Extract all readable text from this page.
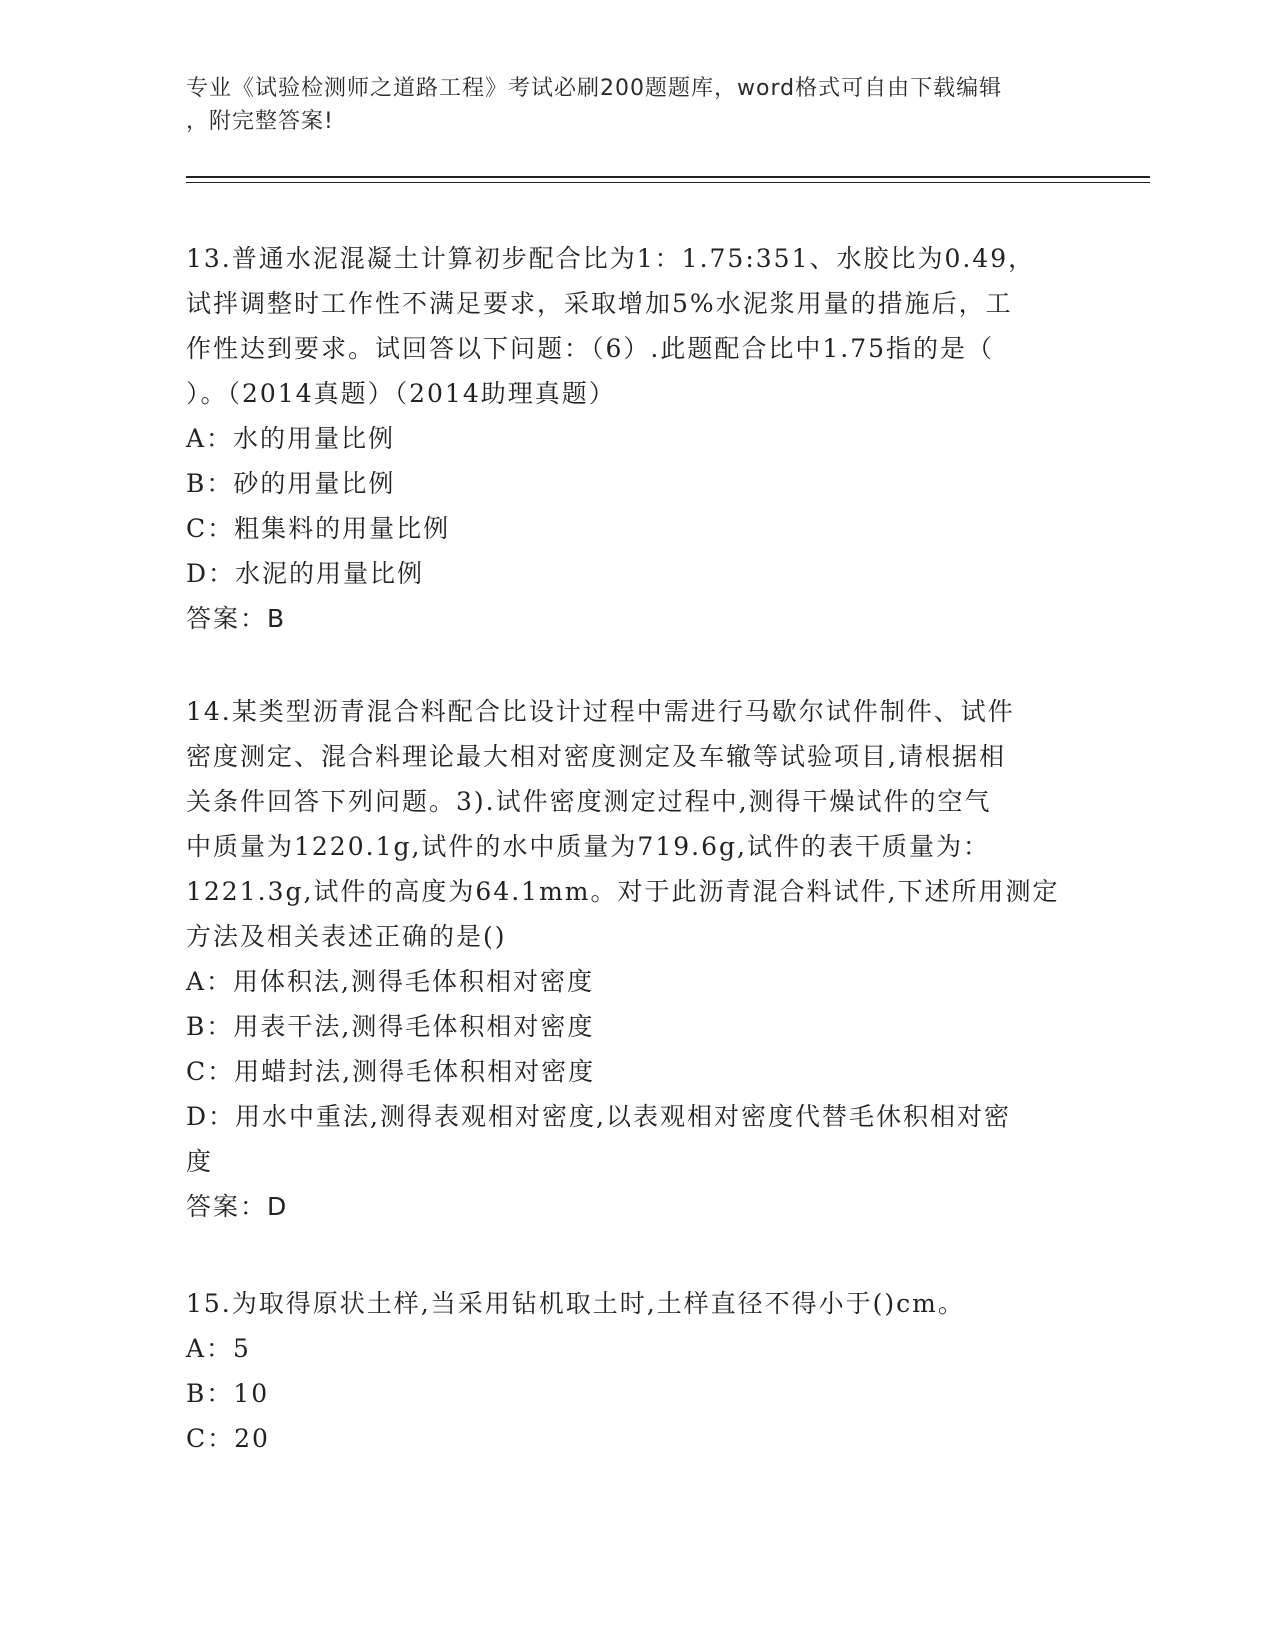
专业《试验检测师之道路工程》考试必刷200题题库，word格式可自由下载编辑
，附完整答案!
13.普通水泥混凝土计算初步配合比为1：1.75:351、水胶比为0.49，
试拌调整时工作性不满足要求，采取增加5%水泥浆用量的措施后，工
作性达到要求。试回答以下问题：（6）.此题配合比中1.75指的是（
）。（2014真题）（2014助理真题）
A：水的用量比例
B：砂的用量比例
C：粗集料的用量比例
D：水泥的用量比例
答案：B
14.某类型沥青混合料配合比设计过程中需进行马歇尔试件制件、试件
密度测定、混合料理论最大相对密度测定及车辙等试验项目,请根据相
关条件回答下列问题。3).试件密度测定过程中,测得干燥试件的空气
中质量为1220.1g,试件的水中质量为719.6g,试件的表干质量为：
1221.3g,试件的高度为64.1mm。对于此沥青混合料试件,下述所用测定
方法及相关表述正确的是()
A：用体积法,测得毛体积相对密度
B：用表干法,测得毛体积相对密度
C：用蜡封法,测得毛体积相对密度
D：用水中重法,测得表观相对密度,以表观相对密度代替毛休积相对密
度
答案：D
15.为取得原状土样,当采用钻机取土时,土样直径不得小于()cm。
A：5
B：10
C：20
